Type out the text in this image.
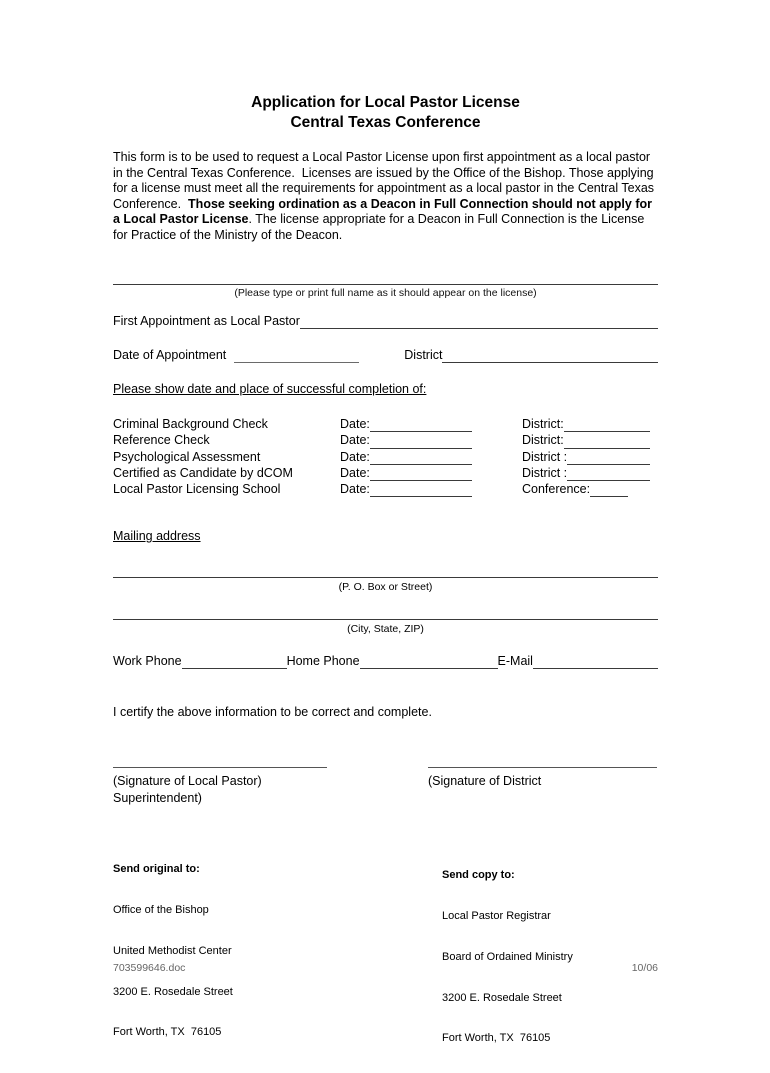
Application for Local Pastor License
Central Texas Conference

This form is to be used to request a Local Pastor License upon first appointment as a local pastor in the Central Texas Conference.  Licenses are issued by the Office of the Bishop. Those applying for a license must meet all the requirements for appointment as a local pastor in the Central Texas Conference.  Those seeking ordination as a Deacon in Full Connection should not apply for a Local Pastor License. The license appropriate for a Deacon in Full Connection is the License for Practice of the Ministry of the Deacon.

(Please type or print full name as it should appear on the license)
First Appointment as Local Pastor
Date of Appointment	District
Please show date and place of successful completion of:
Criminal Background Check	Date:	District:
Reference Check	Date:	District:
Psychological Assessment	Date:	District :
Certified as Candidate by dCOM	Date:	District :
Local Pastor Licensing School	Date:	Conference:
Mailing address
(P. O. Box or Street)
(City, State, ZIP)
Work Phone	Home Phone	E-Mail
I certify the above information to be correct and complete.
(Signature of Local Pastor)
Superintendent)
(Signature of District

Send original to:

Office of the Bishop

United Methodist Center

3200 E. Rosedale Street

Fort Worth, TX  76105

Send copy to:

Local Pastor Registrar

Board of Ordained Ministry

3200 E. Rosedale Street

Fort Worth, TX  76105

703599646.doc	10/06
